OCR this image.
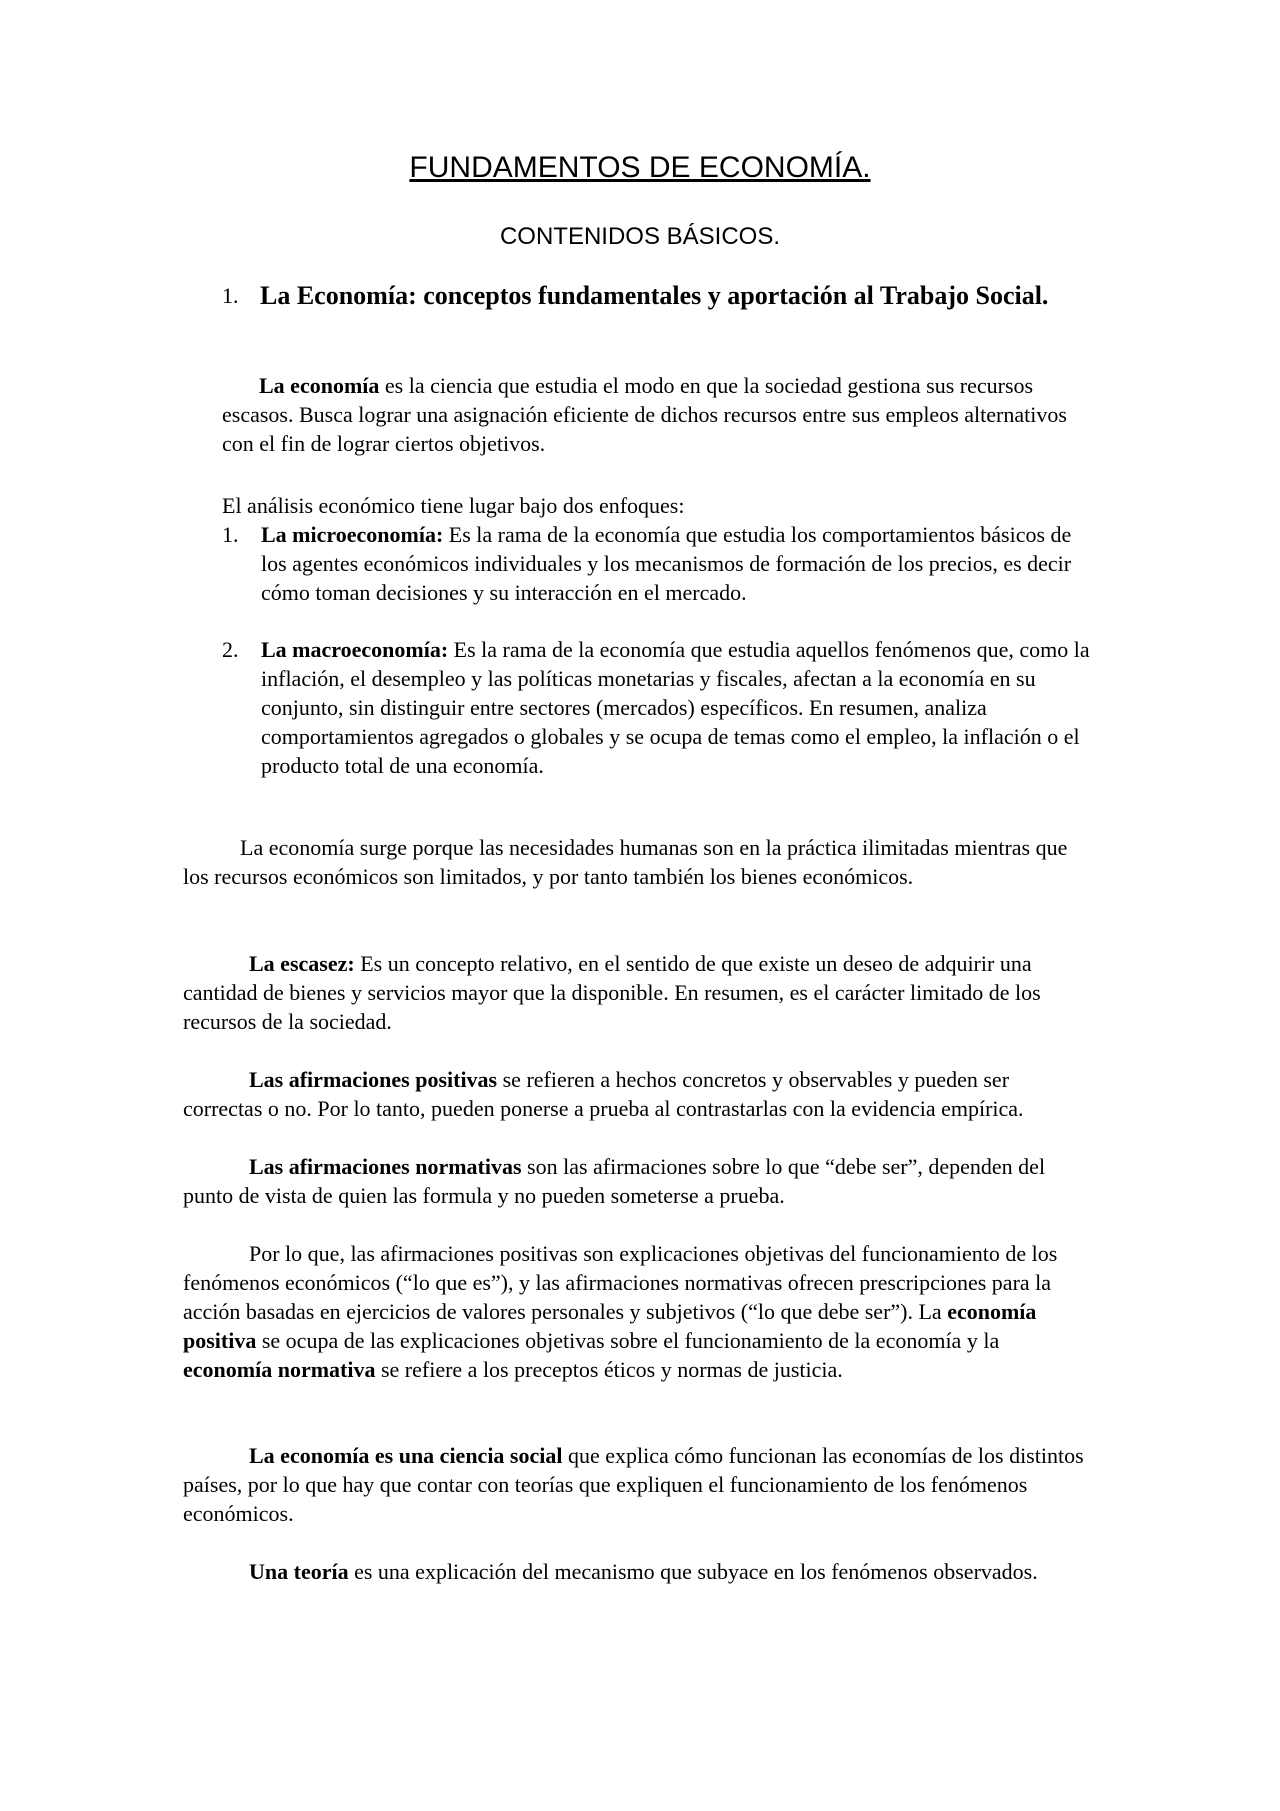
FUNDAMENTOS DE ECONOMÍA.
CONTENIDOS BÁSICOS.
1. La Economía: conceptos fundamentales y aportación al Trabajo Social.

La economía es la ciencia que estudia el modo en que la sociedad gestiona sus recursos escasos. Busca lograr una asignación eficiente de dichos recursos entre sus empleos alternativos con el fin de lograr ciertos objetivos.

El análisis económico tiene lugar bajo dos enfoques:

1. La microeconomía: Es la rama de la economía que estudia los comportamientos básicos de los agentes económicos individuales y los mecanismos de formación de los precios, es decir cómo toman decisiones y su interacción en el mercado.
2. La macroeconomía: Es la rama de la economía que estudia aquellos fenómenos que, como la inflación, el desempleo y las políticas monetarias y fiscales, afectan a la economía en su conjunto, sin distinguir entre sectores (mercados) específicos. En resumen, analiza comportamientos agregados o globales y se ocupa de temas como el empleo, la inflación o el producto total de una economía.

La economía surge porque las necesidades humanas son en la práctica ilimitadas mientras que los recursos económicos son limitados, y por tanto también los bienes económicos.

La escasez: Es un concepto relativo, en el sentido de que existe un deseo de adquirir una cantidad de bienes y servicios mayor que la disponible. En resumen, es el carácter limitado de los recursos de la sociedad.

Las afirmaciones positivas se refieren a hechos concretos y observables y pueden ser correctas o no. Por lo tanto, pueden ponerse a prueba al contrastarlas con la evidencia empírica.

Las afirmaciones normativas son las afirmaciones sobre lo que “debe ser”, dependen del punto de vista de quien las formula y no pueden someterse a prueba.

Por lo que, las afirmaciones positivas son explicaciones objetivas del funcionamiento de los fenómenos económicos (“lo que es”), y las afirmaciones normativas ofrecen prescripciones para la acción basadas en ejercicios de valores personales y subjetivos (“lo que debe ser”). La economía positiva se ocupa de las explicaciones objetivas sobre el funcionamiento de la economía y la economía normativa se refiere a los preceptos éticos y normas de justicia.

La economía es una ciencia social que explica cómo funcionan las economías de los distintos países, por lo que hay que contar con teorías que expliquen el funcionamiento de los fenómenos económicos.

Una teoría es una explicación del mecanismo que subyace en los fenómenos observados.
